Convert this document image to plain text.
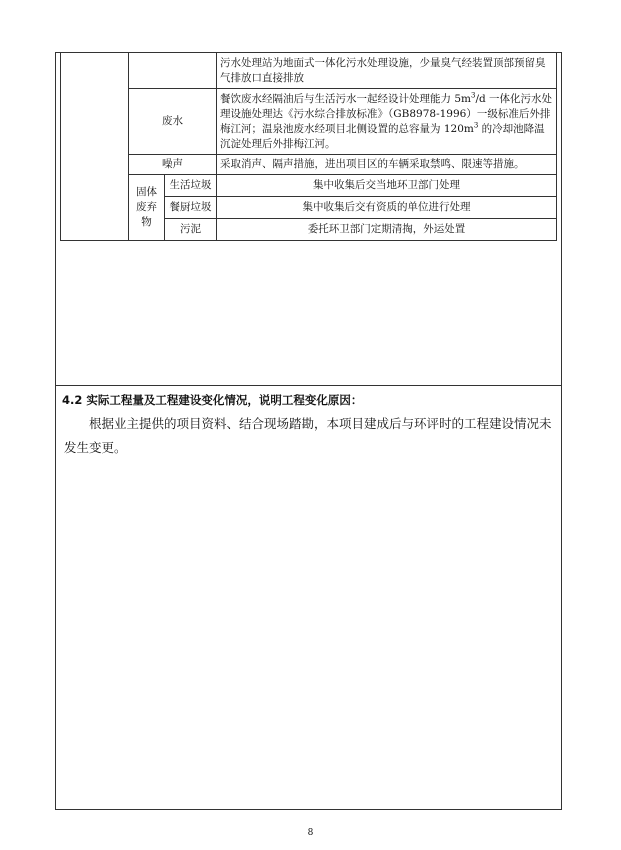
			污水处理站为地面式一体化污水处理设施，少量臭气经装置顶部预留臭气排放口直接排放
	废水		餐饮废水经隔油后与生活污水一起经设计处理能力 $5m^3/d$ 一体化污水处理设施处理达《污水综合排放标准》（GB8978-1996）一级标准后外排梅江河；温泉池废水经项目北侧设置的总容量为 $120m^3$ 的冷却池降温沉淀处理后外排梅江河。
	噪声		采取消声、隔声措施，进出项目区的车辆采取禁鸣、限速等措施。
	固体废弃物	生活垃圾	集中收集后交当地环卫部门处理
		餐厨垃圾	集中收集后交有资质的单位进行处理
		污泥	委托环卫部门定期清掏，外运处置
4.2 实际工程量及工程建设变化情况，说明工程变化原因：
根据业主提供的项目资料、结合现场踏勘，本项目建成后与环评时的工程建设情况未发生变更。
8
